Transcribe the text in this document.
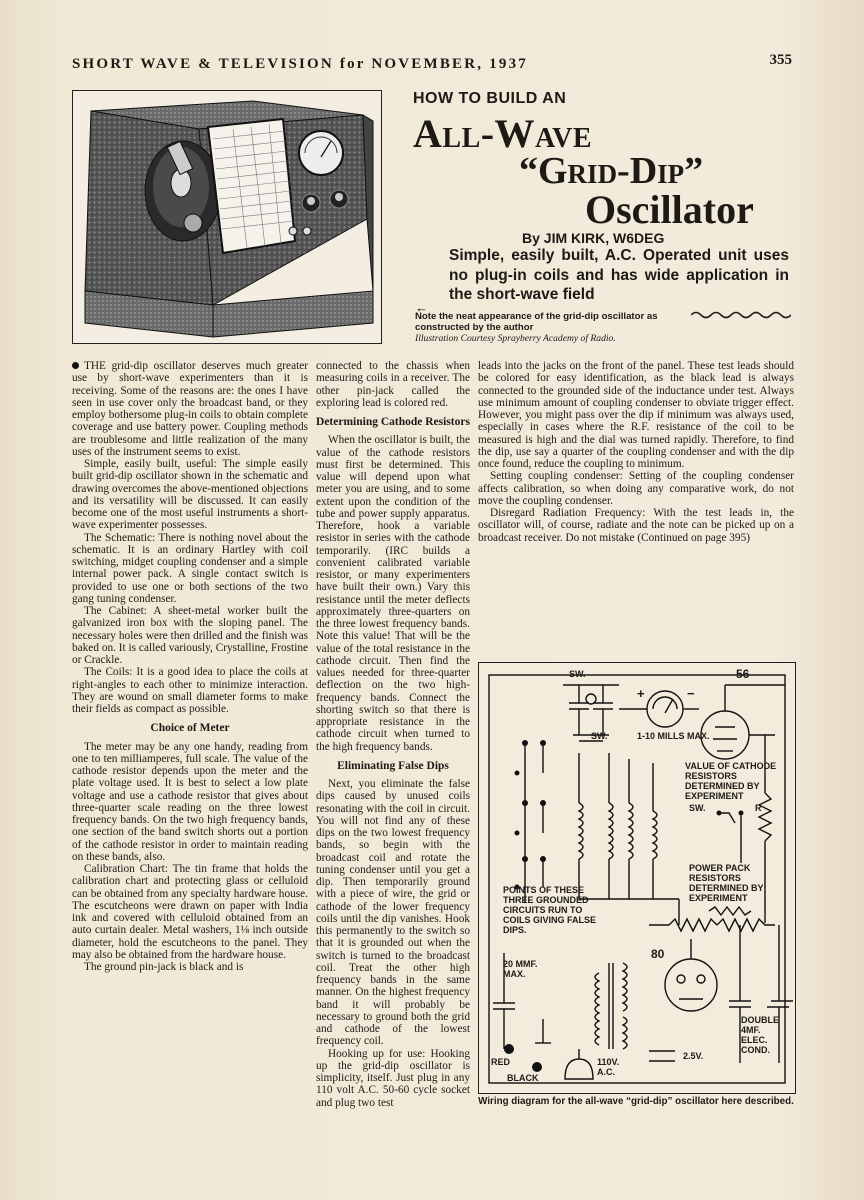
SHORT WAVE & TELEVISION for NOVEMBER, 1937	355
HOW TO BUILD AN
All-Wave
“Grid-Dip”
Oscillator
By JIM KIRK, W6DEG
Simple, easily built, A.C. Operated unit uses no plug-in coils and has wide application in the short-wave field
←
Note the neat appearance of the grid-dip oscillator as constructed by the author
Illustration Courtesy Sprayberry Academy of Radio.

THE grid-dip oscillator deserves much greater use by short-wave experimenters than it is receiving. Some of the reasons are: the ones I have seen in use cover only the broadcast band, or they employ bothersome plug-in coils to obtain complete coverage and use battery power. Coupling methods are troublesome and little realization of the many uses of the instrument seems to exist.

Simple, easily built, useful: The simple easily built grid-dip oscillator shown in the schematic and drawing overcomes the above-mentioned objections and its versatility will be discussed. It can easily become one of the most useful instruments a short-wave experimenter possesses.

The Schematic: There is nothing novel about the schematic. It is an ordinary Hartley with coil switching, midget coupling condenser and a simple internal power pack. A single contact switch is provided to use one or both sections of the two gang tuning condenser.

The Cabinet: A sheet-metal worker built the galvanized iron box with the sloping panel. The necessary holes were then drilled and the finish was baked on. It is called variously, Crystalline, Frostine or Crackle.

The Coils: It is a good idea to place the coils at right-angles to each other to minimize interaction. They are wound on small diameter forms to make their fields as compact as possible.

Choice of Meter

The meter may be any one handy, reading from one to ten milliamperes, full scale. The value of the cathode resistor depends upon the meter and the plate voltage used. It is best to select a low plate voltage and use a cathode resistor that gives about three-quarter scale reading on the three lowest frequency bands. On the two high frequency bands, one section of the band switch shorts out a portion of the cathode resistor in order to maintain reading on these bands, also.

Calibration Chart: The tin frame that holds the calibration chart and protecting glass or celluloid can be obtained from any specialty hardware house. The escutcheons were drawn on paper with India ink and covered with celluloid obtained from an auto curtain dealer. Metal washers, 1⅛ inch outside diameter, hold the escutcheons to the panel. They may also be obtained from the hardware house.

The ground pin-jack is black and is

connected to the chassis when measuring coils in a receiver. The other pin-jack called the exploring lead is colored red.

Determining Cathode Resistors

When the oscillator is built, the value of the cathode resistors must first be determined. This value will depend upon what meter you are using, and to some extent upon the condition of the tube and power supply apparatus. Therefore, hook a variable resistor in series with the cathode temporarily. (IRC builds a convenient calibrated variable resistor, or many experimenters have built their own.) Vary this resistance until the meter deflects approximately three-quarters on the three lowest frequency bands. Note this value! That will be the value of the total resistance in the cathode circuit. Then find the values needed for three-quarter deflection on the two high-frequency bands. Connect the shorting switch so that there is appropriate resistance in the cathode circuit when turned to the high frequency bands.

Eliminating False Dips

Next, you eliminate the false dips caused by unused coils resonating with the coil in circuit. You will not find any of these dips on the two lowest frequency bands, so begin with the broadcast coil and rotate the tuning condenser until you get a dip. Then temporarily ground with a piece of wire, the grid or cathode of the lower frequency coils until the dip vanishes. Hook this permanently to the switch so that it is grounded out when the switch is turned to the broadcast coil. Treat the other high frequency bands in the same manner. On the highest frequency band it will probably be necessary to ground both the grid and cathode of the lowest frequency coil.

Hooking up for use: Hooking up the grid-dip oscillator is simplicity, itself. Just plug in any 110 volt A.C. 50-60 cycle socket and plug two test

leads into the jacks on the front of the panel. These test leads should be colored for easy identification, as the black lead is always connected to the grounded side of the inductance under test. Always use minimum amount of coupling condenser to obviate trigger effect. However, you might pass over the dip if minimum was always used, especially in cases where the R.F. resistance of the coil to be measured is high and the dial was turned rapidly. Therefore, to find the dip, use say a quarter of the coupling condenser and with the dip once found, reduce the coupling to minimum.

Setting coupling condenser: Setting of the coupling condenser affects calibration, so when doing any comparative work, do not move the coupling condenser.

Disregard Radiation Frequency: With the test leads in, the oscillator will, of course, radiate and the note can be picked up on a broadcast receiver. Do not mistake (Continued on page 395)

SW.
+	−
56
1-10 MILLS MAX.
SW.
VALUE OF CATHODE RESISTORS DETERMINED BY EXPERIMENT
SW.	R
POWER PACK RESISTORS DETERMINED BY EXPERIMENT
POINTS OF THESE THREE GROUNDED CIRCUITS RUN TO COILS GIVING FALSE DIPS.
20 MMF. MAX.
80
DOUBLE 4MF. ELEC. COND.
RED
BLACK
110V. A.C.
2.5V.
Wiring diagram for the all-wave “grid-dip” oscillator here described.
